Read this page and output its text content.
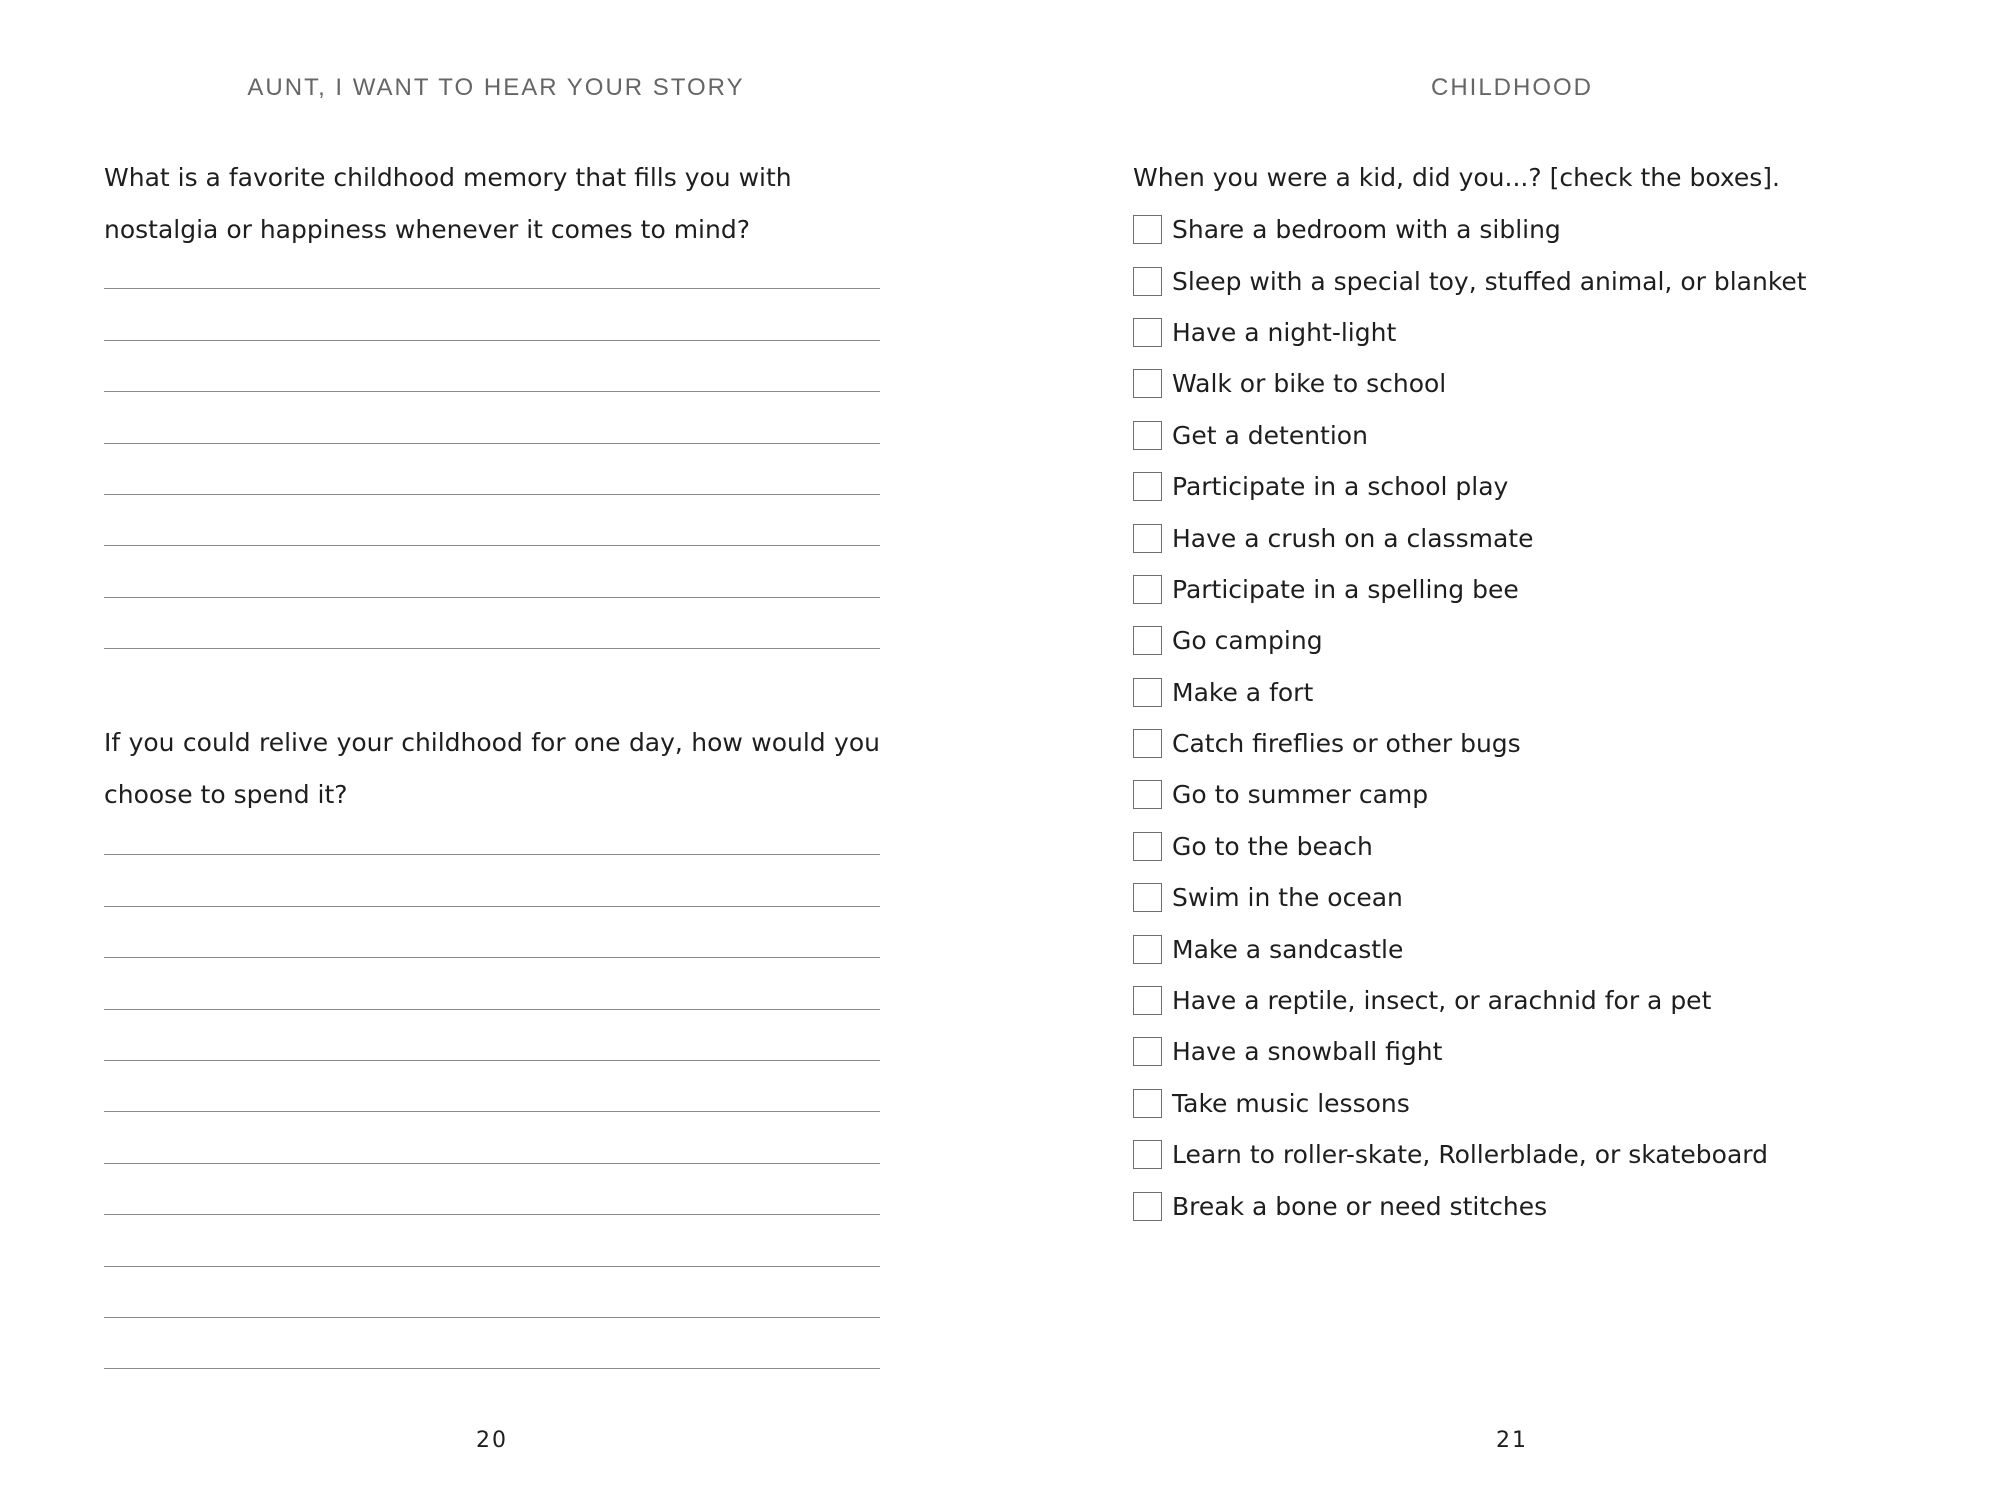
AUNT, I WANT TO HEAR YOUR STORY
What is a favorite childhood memory that fills you with nostalgia or happiness whenever it comes to mind?
If you could relive your childhood for one day, how would you choose to spend it?
20
CHILDHOOD
When you were a kid, did you...? [check the boxes].
Share a bedroom with a sibling
Sleep with a special toy, stuffed animal, or blanket
Have a night-light
Walk or bike to school
Get a detention
Participate in a school play
Have a crush on a classmate
Participate in a spelling bee
Go camping
Make a fort
Catch fireflies or other bugs
Go to summer camp
Go to the beach
Swim in the ocean
Make a sandcastle
Have a reptile, insect, or arachnid for a pet
Have a snowball fight
Take music lessons
Learn to roller-skate, Rollerblade, or skateboard
Break a bone or need stitches
21
